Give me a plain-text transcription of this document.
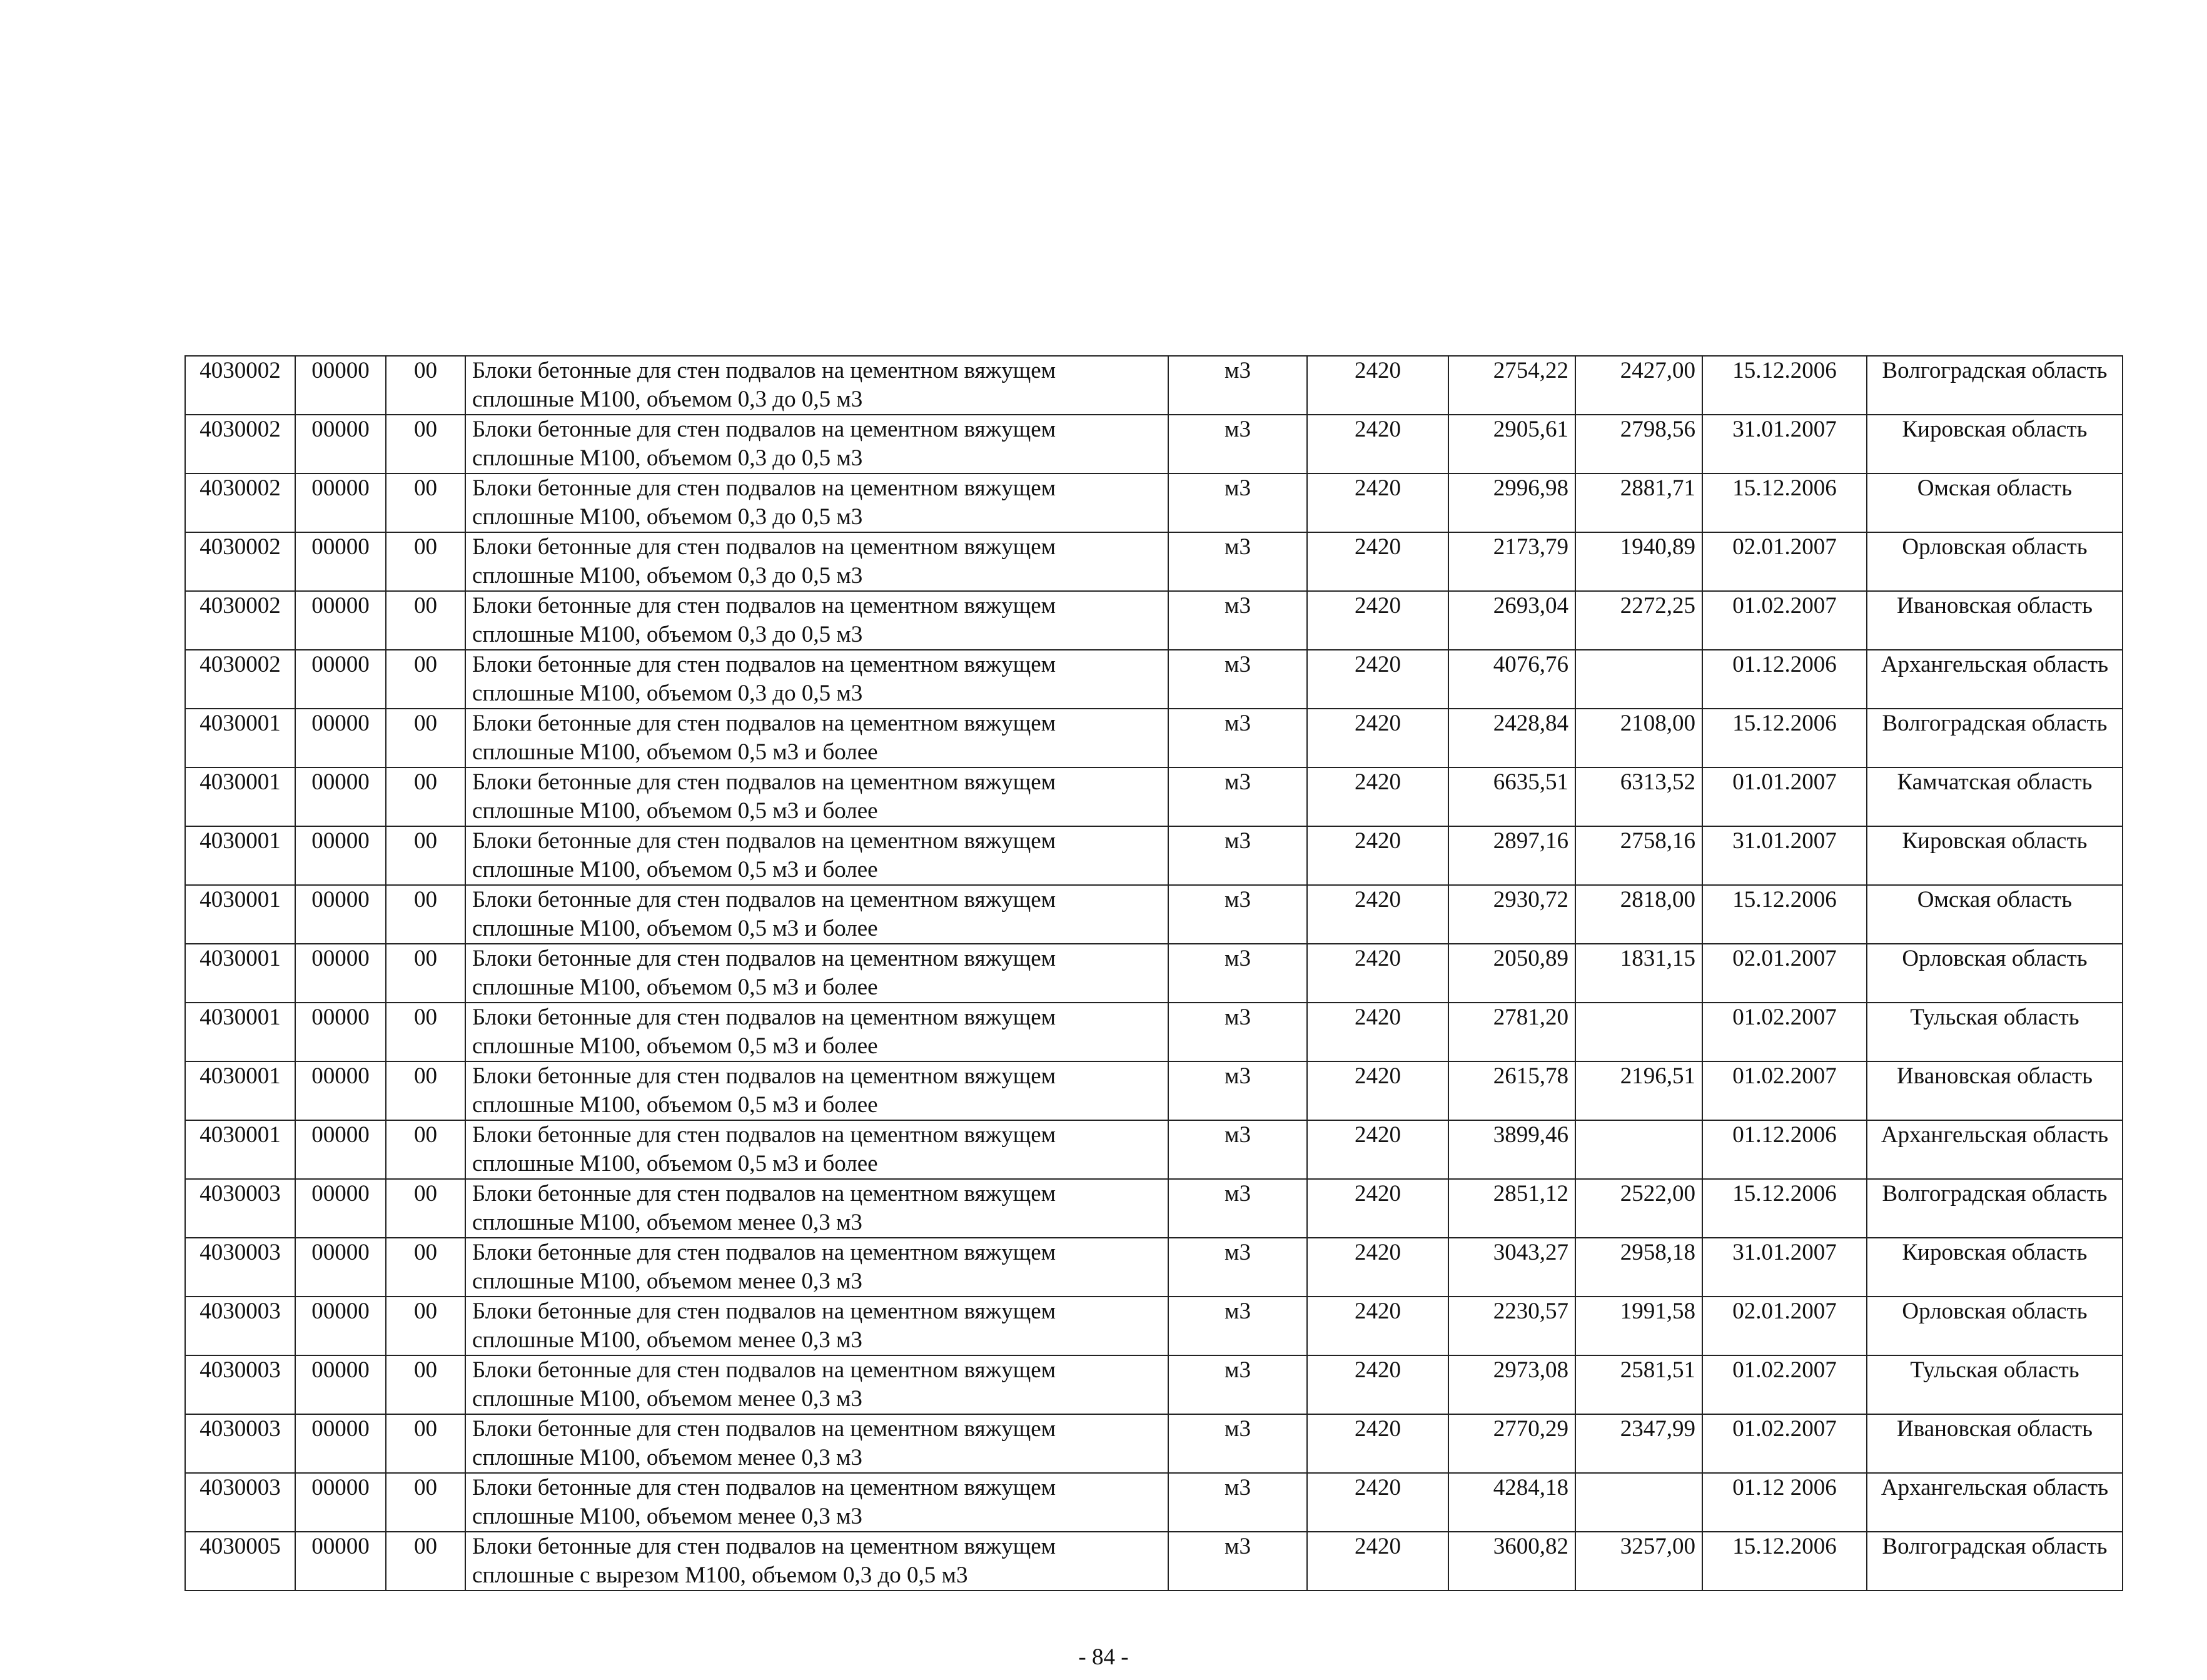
4030002	00000	00	Блоки бетонные для стен подвалов на цементном вяжущем сплошные М100, объемом 0,3 до 0,5 м3	м3	2420	2754,22	2427,00	15.12.2006	Волгоградская область
4030002	00000	00	Блоки бетонные для стен подвалов на цементном вяжущем сплошные М100, объемом 0,3 до 0,5 м3	м3	2420	2905,61	2798,56	31.01.2007	Кировская область
4030002	00000	00	Блоки бетонные для стен подвалов на цементном вяжущем сплошные М100, объемом 0,3 до 0,5 м3	м3	2420	2996,98	2881,71	15.12.2006	Омская область
4030002	00000	00	Блоки бетонные для стен подвалов на цементном вяжущем сплошные М100, объемом 0,3 до 0,5 м3	м3	2420	2173,79	1940,89	02.01.2007	Орловская область
4030002	00000	00	Блоки бетонные для стен подвалов на цементном вяжущем сплошные М100, объемом 0,3 до 0,5 м3	м3	2420	2693,04	2272,25	01.02.2007	Ивановская область
4030002	00000	00	Блоки бетонные для стен подвалов на цементном вяжущем сплошные М100, объемом 0,3 до 0,5 м3	м3	2420	4076,76		01.12.2006	Архангельская область
4030001	00000	00	Блоки бетонные для стен подвалов на цементном вяжущем сплошные М100, объемом 0,5 м3 и более	м3	2420	2428,84	2108,00	15.12.2006	Волгоградская область
4030001	00000	00	Блоки бетонные для стен подвалов на цементном вяжущем сплошные М100, объемом 0,5 м3 и более	м3	2420	6635,51	6313,52	01.01.2007	Камчатская область
4030001	00000	00	Блоки бетонные для стен подвалов на цементном вяжущем сплошные М100, объемом 0,5 м3 и более	м3	2420	2897,16	2758,16	31.01.2007	Кировская область
4030001	00000	00	Блоки бетонные для стен подвалов на цементном вяжущем сплошные М100, объемом 0,5 м3 и более	м3	2420	2930,72	2818,00	15.12.2006	Омская область
4030001	00000	00	Блоки бетонные для стен подвалов на цементном вяжущем сплошные М100, объемом 0,5 м3 и более	м3	2420	2050,89	1831,15	02.01.2007	Орловская область
4030001	00000	00	Блоки бетонные для стен подвалов на цементном вяжущем сплошные М100, объемом 0,5 м3 и более	м3	2420	2781,20		01.02.2007	Тульская область
4030001	00000	00	Блоки бетонные для стен подвалов на цементном вяжущем сплошные М100, объемом 0,5 м3 и более	м3	2420	2615,78	2196,51	01.02.2007	Ивановская область
4030001	00000	00	Блоки бетонные для стен подвалов на цементном вяжущем сплошные М100, объемом 0,5 м3 и более	м3	2420	3899,46		01.12.2006	Архангельская область
4030003	00000	00	Блоки бетонные для стен подвалов на цементном вяжущем сплошные М100, объемом менее 0,3 м3	м3	2420	2851,12	2522,00	15.12.2006	Волгоградская область
4030003	00000	00	Блоки бетонные для стен подвалов на цементном вяжущем сплошные М100, объемом менее 0,3 м3	м3	2420	3043,27	2958,18	31.01.2007	Кировская область
4030003	00000	00	Блоки бетонные для стен подвалов на цементном вяжущем сплошные М100, объемом менее 0,3 м3	м3	2420	2230,57	1991,58	02.01.2007	Орловская область
4030003	00000	00	Блоки бетонные для стен подвалов на цементном вяжущем сплошные М100, объемом менее 0,3 м3	м3	2420	2973,08	2581,51	01.02.2007	Тульская область
4030003	00000	00	Блоки бетонные для стен подвалов на цементном вяжущем сплошные М100, объемом менее 0,3 м3	м3	2420	2770,29	2347,99	01.02.2007	Ивановская область
4030003	00000	00	Блоки бетонные для стен подвалов на цементном вяжущем сплошные М100, объемом менее 0,3 м3	м3	2420	4284,18		01.12 2006	Архангельская область
4030005	00000	00	Блоки бетонные для стен подвалов на цементном вяжущем сплошные с вырезом М100, объемом 0,3 до 0,5 м3	м3	2420	3600,82	3257,00	15.12.2006	Волгоградская область
- 84 -
